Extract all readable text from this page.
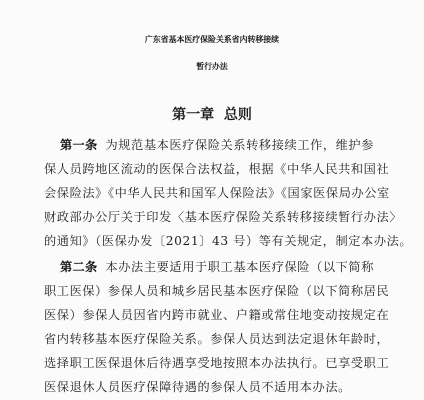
广东省基本医疗保险关系省内转移接续
暂行办法
第一章  总则
第一条 为规范基本医疗保险关系转移接续工作，维护参
保人员跨地区流动的医保合法权益，根据《中华人民共和国社
会保险法》《中华人民共和国军人保险法》《国家医保局办公室
财政部办公厅关于印发〈基本医疗保险关系转移接续暂行办法〉
的通知》（医保办发〔2021〕43 号）等有关规定，制定本办法。
第二条 本办法主要适用于职工基本医疗保险（以下简称
职工医保）参保人员和城乡居民基本医疗保险（以下简称居民
医保）参保人员因省内跨市就业、户籍或常住地变动按规定在
省内转移基本医疗保险关系。参保人员达到法定退休年龄时，
选择职工医保退休后待遇享受地按照本办法执行。已享受职工
医保退休人员医疗保障待遇的参保人员不适用本办法。
